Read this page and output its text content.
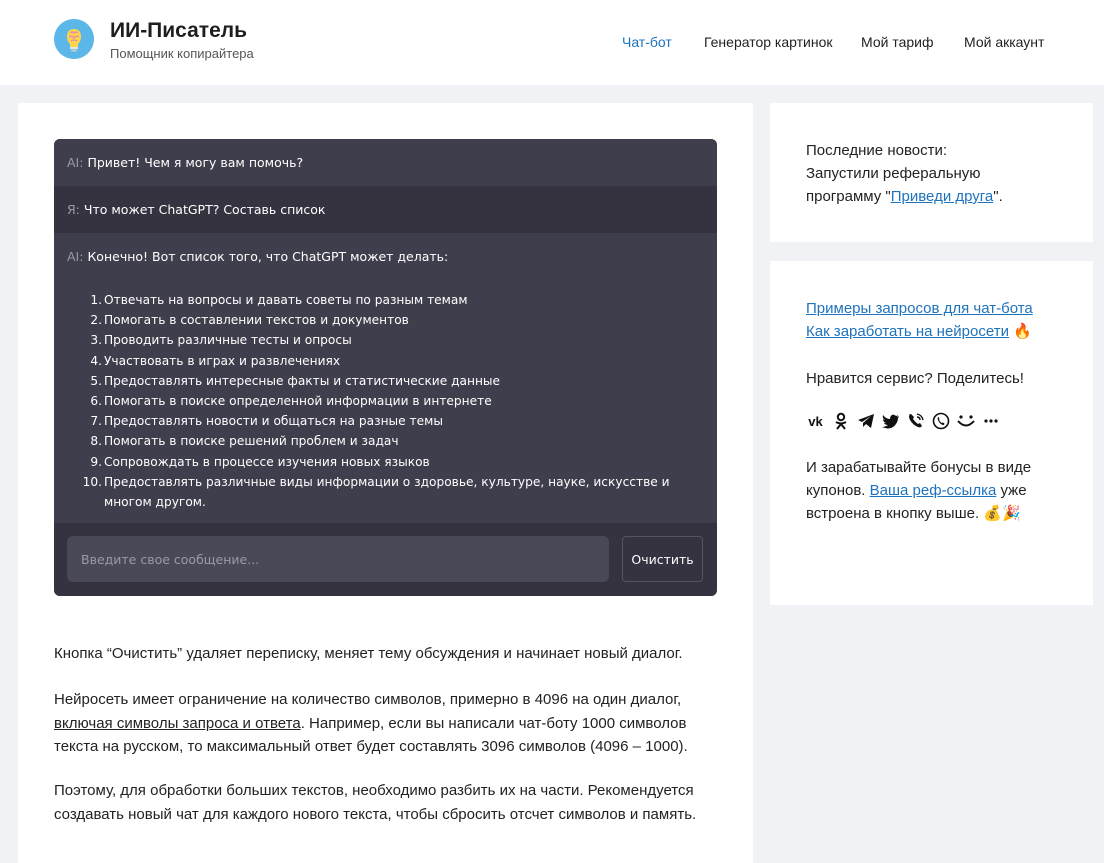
ИИ-Писатель
Помощник копирайтера
Чат-бот Генератор картинок Мой тариф Мой аккаунт
AI: Привет! Чем я могу вам помочь?
Я: Что может ChatGPT? Составь список
AI: Конечно! Вот список того, что ChatGPT может делать:
1. Отвечать на вопросы и давать советы по разным темам
2. Помогать в составлении текстов и документов
3. Проводить различные тесты и опросы
4. Участвовать в играх и развлечениях
5. Предоставлять интересные факты и статистические данные
6. Помогать в поиске определенной информации в интернете
7. Предоставлять новости и общаться на разные темы
8. Помогать в поиске решений проблем и задач
9. Сопровождать в процессе изучения новых языков
10. Предоставлять различные виды информации о здоровье, культуре, науке, искусстве и многом другом.
Введите свое сообщение...
Очистить

Кнопка “Очистить” удаляет переписку, меняет тему обсуждения и начинает новый диалог.

Нейросеть имеет ограничение на количество символов, примерно в 4096 на один диалог, включая символы запроса и ответа. Например, если вы написали чат-боту 1000 символов текста на русском, то максимальный ответ будет составлять 3096 символов (4096 – 1000).

Поэтому, для обработки больших текстов, необходимо разбить их на части. Рекомендуется создавать новый чат для каждого нового текста, чтобы сбросить отсчет символов и память.

Последние новости:
Запустили реферальную программу "Приведи друга".
Примеры запросов для чат-бота
Как заработать на нейросети 🔥
Нравится сервис? Поделитесь!
vk
И зарабатывайте бонусы в виде купонов. Ваша реф-ссылка уже встроена в кнопку выше. 💰🎉
